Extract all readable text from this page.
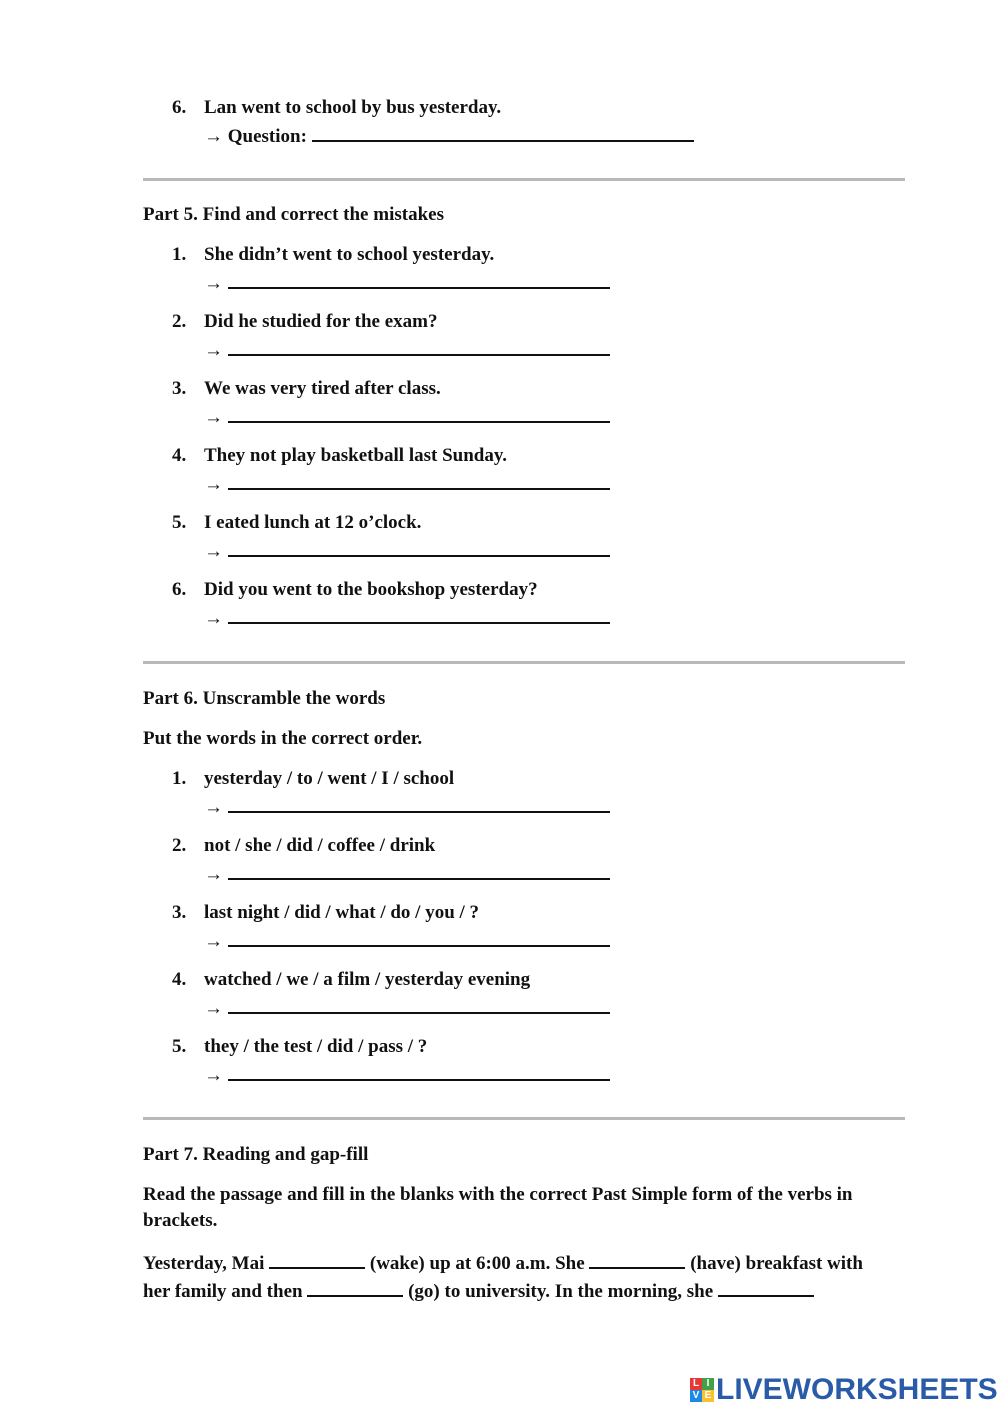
6. Lan went to school by bus yesterday.
→ Question:
Part 5. Find and correct the mistakes
1. She didn’t went to school yesterday.
→
2. Did he studied for the exam?
→
3. We was very tired after class.
→
4. They not play basketball last Sunday.
→
5. I eated lunch at 12 o’clock.
→
6. Did you went to the bookshop yesterday?
→
Part 6. Unscramble the words
Put the words in the correct order.
1. yesterday / to / went / I / school
→
2. not / she / did / coffee / drink
→
3. last night / did / what / do / you / ?
→
4. watched / we / a film / yesterday evening
→
5. they / the test / did / pass / ?
→
Part 7. Reading and gap-fill
Read the passage and fill in the blanks with the correct Past Simple form of the verbs in brackets.
Yesterday, Mai	(wake) up at 6:00 a.m. She	(have) breakfast with
her family and then	(go) to university. In the morning, she
L I
V E LIVEWORKSHEETS
